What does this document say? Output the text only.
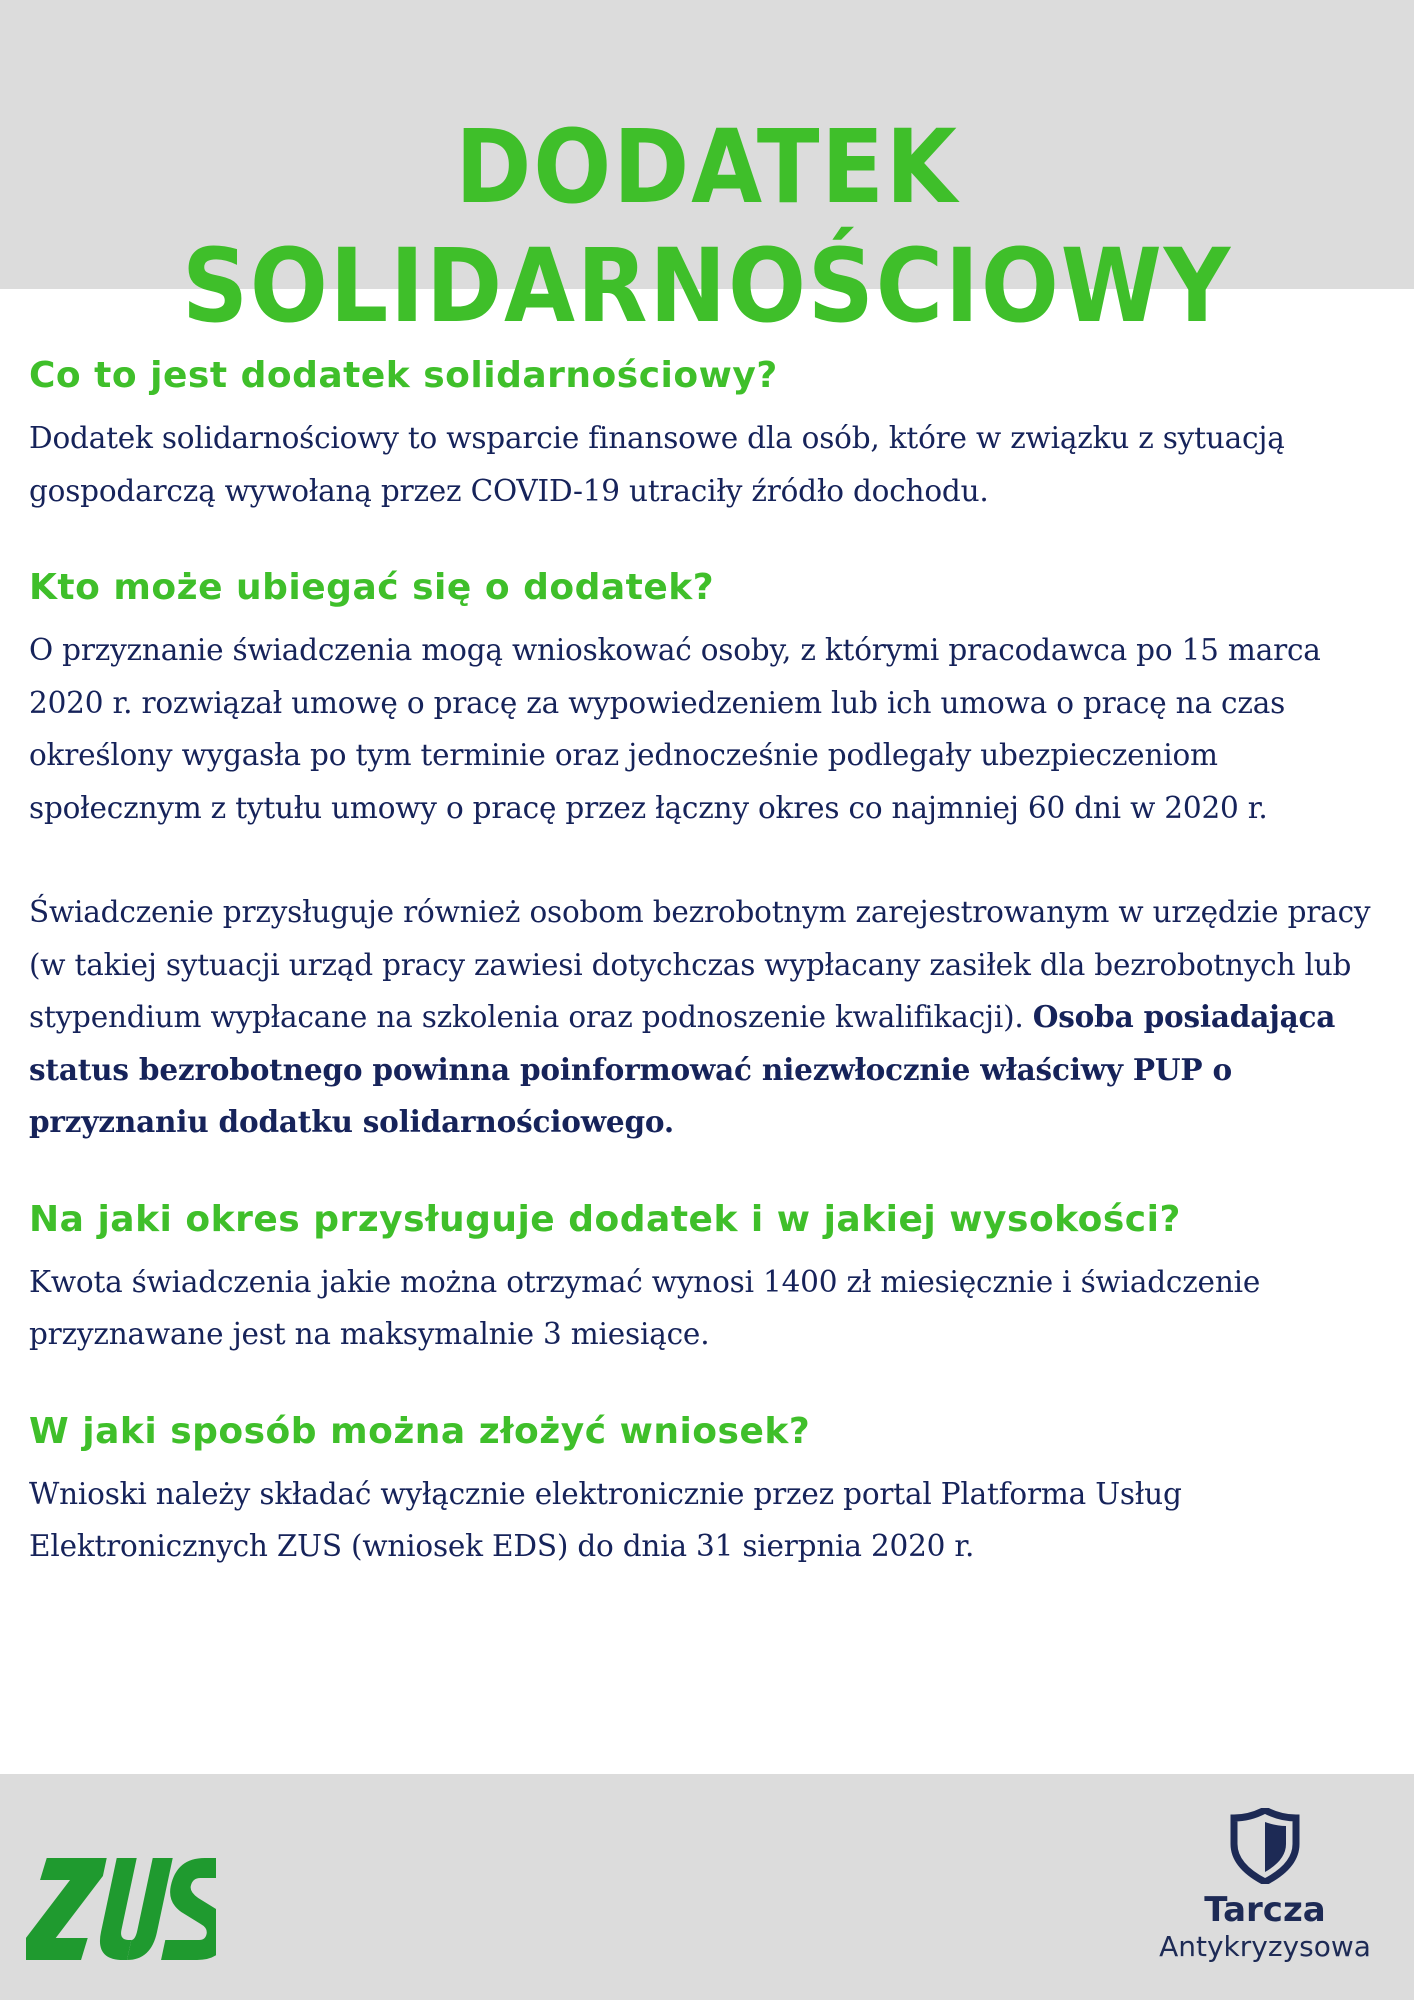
DODATEK SOLIDARNOŚCIOWY
Co to jest dodatek solidarnościowy?

Dodatek solidarnościowy to wsparcie finansowe dla osób, które w związku z sytuacją gospodarczą wywołaną przez COVID-19 utraciły źródło dochodu.

Kto może ubiegać się o dodatek?

O przyznanie świadczenia mogą wnioskować osoby, z którymi pracodawca po 15 marca 2020 r. rozwiązał umowę o pracę za wypowiedzeniem lub ich umowa o pracę na czas określony wygasła po tym terminie oraz jednocześnie podlegały ubezpieczeniom społecznym z tytułu umowy o pracę przez łączny okres co najmniej 60 dni w 2020 r.

Świadczenie przysługuje również osobom bezrobotnym zarejestrowanym w urzędzie pracy (w takiej sytuacji urząd pracy zawiesi dotychczas wypłacany zasiłek dla bezrobotnych lub stypendium wypłacane na szkolenia oraz podnoszenie kwalifikacji). Osoba posiadająca status bezrobotnego powinna poinformować niezwłocznie właściwy PUP o przyznaniu dodatku solidarnościowego.

Na jaki okres przysługuje dodatek i w jakiej wysokości?

Kwota świadczenia jakie można otrzymać wynosi 1400 zł miesięcznie i świadczenie przyznawane jest na maksymalnie 3 miesiące.

W jaki sposób można złożyć wniosek?

Wnioski należy składać wyłącznie elektronicznie przez portal Platforma Usług Elektronicznych ZUS (wniosek EDS) do dnia 31 sierpnia 2020 r.

Tarcza
Antykryzysowa
